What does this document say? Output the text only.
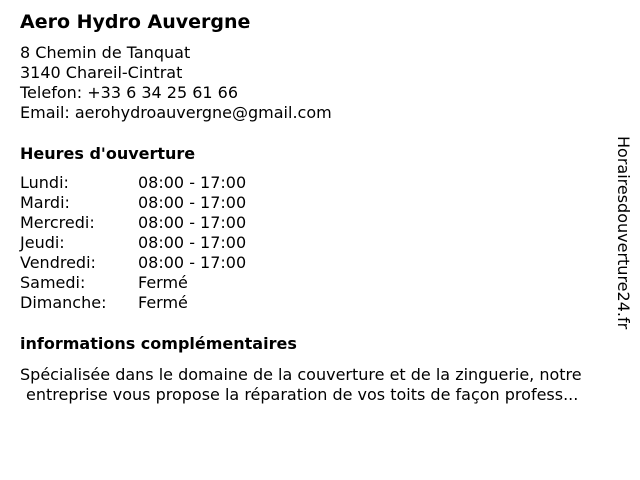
Aero Hydro Auvergne
8 Chemin de Tanquat
3140 Chareil-Cintrat
Telefon: +33 6 34 25 61 66
Email: aerohydroauvergne@gmail.com
Heures d'ouverture
Lundi:	08:00 - 17:00
Mardi:	08:00 - 17:00
Mercredi:	08:00 - 17:00
Jeudi:	08:00 - 17:00
Vendredi:	08:00 - 17:00
Samedi:	Fermé
Dimanche: Fermé
informations complémentaires
Spécialisée dans le domaine de la couverture et de la zinguerie, notre
entreprise vous propose la réparation de vos toits de façon profess...
Horairesdouverture24.fr
